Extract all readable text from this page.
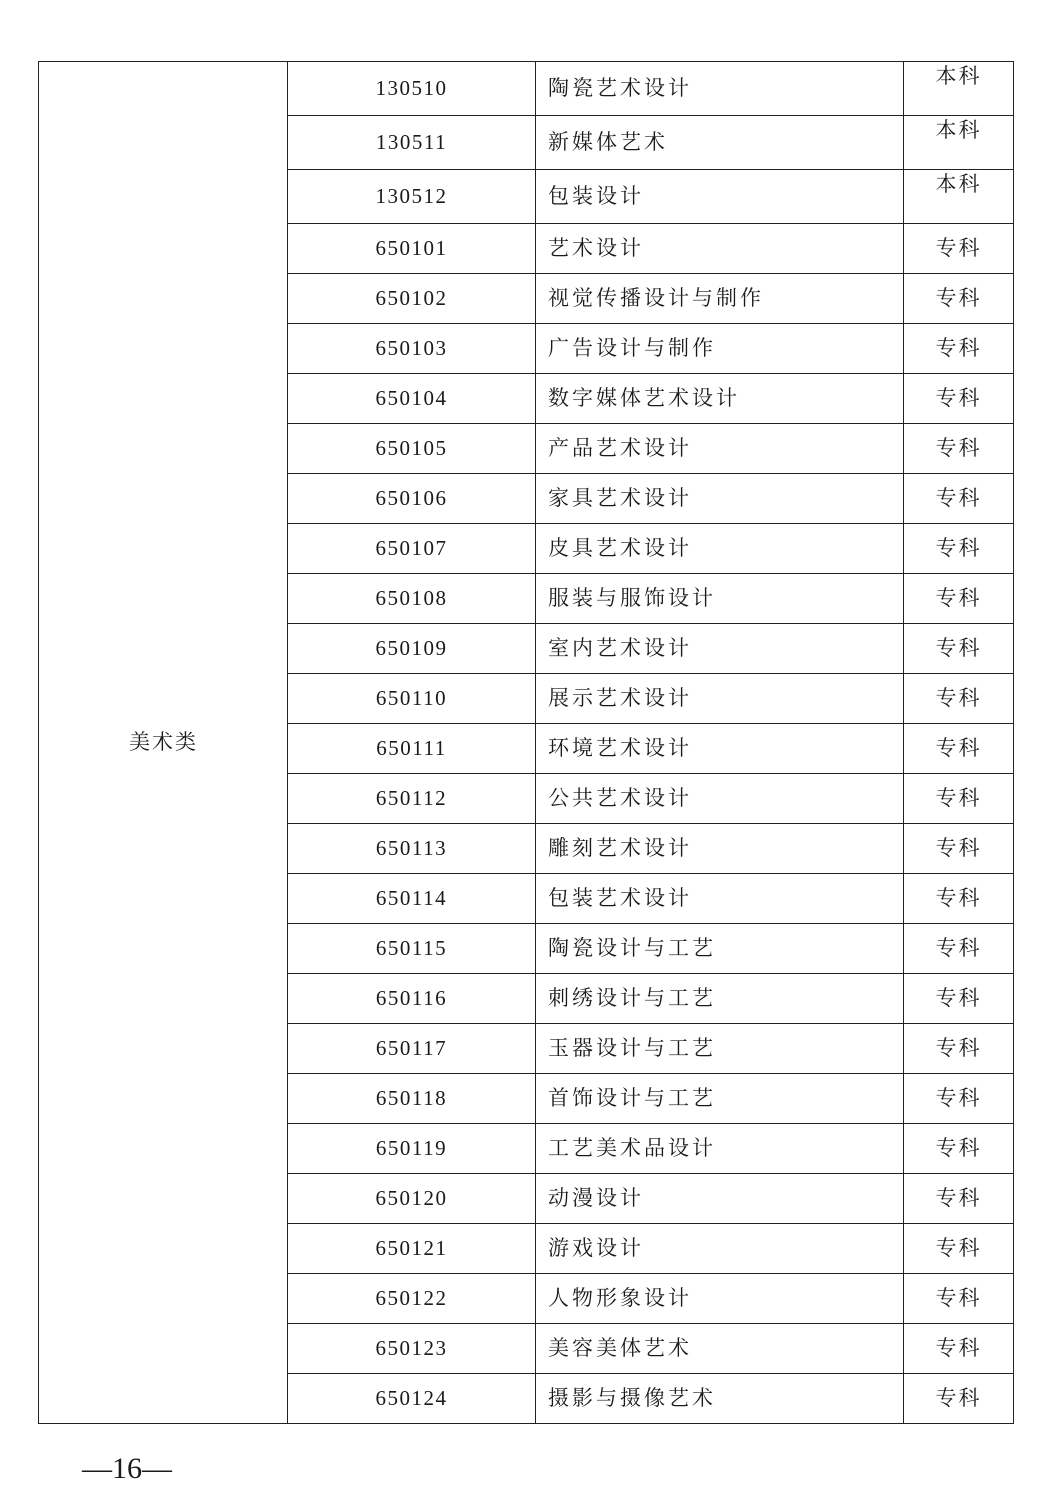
美术类	130510	陶瓷艺术设计	本科
	130511	新媒体艺术	本科
	130512	包装设计	本科
	650101	艺术设计	专科
	650102	视觉传播设计与制作	专科
	650103	广告设计与制作	专科
	650104	数字媒体艺术设计	专科
	650105	产品艺术设计	专科
	650106	家具艺术设计	专科
	650107	皮具艺术设计	专科
	650108	服装与服饰设计	专科
	650109	室内艺术设计	专科
	650110	展示艺术设计	专科
	650111	环境艺术设计	专科
	650112	公共艺术设计	专科
	650113	雕刻艺术设计	专科
	650114	包装艺术设计	专科
	650115	陶瓷设计与工艺	专科
	650116	刺绣设计与工艺	专科
	650117	玉器设计与工艺	专科
	650118	首饰设计与工艺	专科
	650119	工艺美术品设计	专科
	650120	动漫设计	专科
	650121	游戏设计	专科
	650122	人物形象设计	专科
	650123	美容美体艺术	专科
	650124	摄影与摄像艺术	专科
—16—
